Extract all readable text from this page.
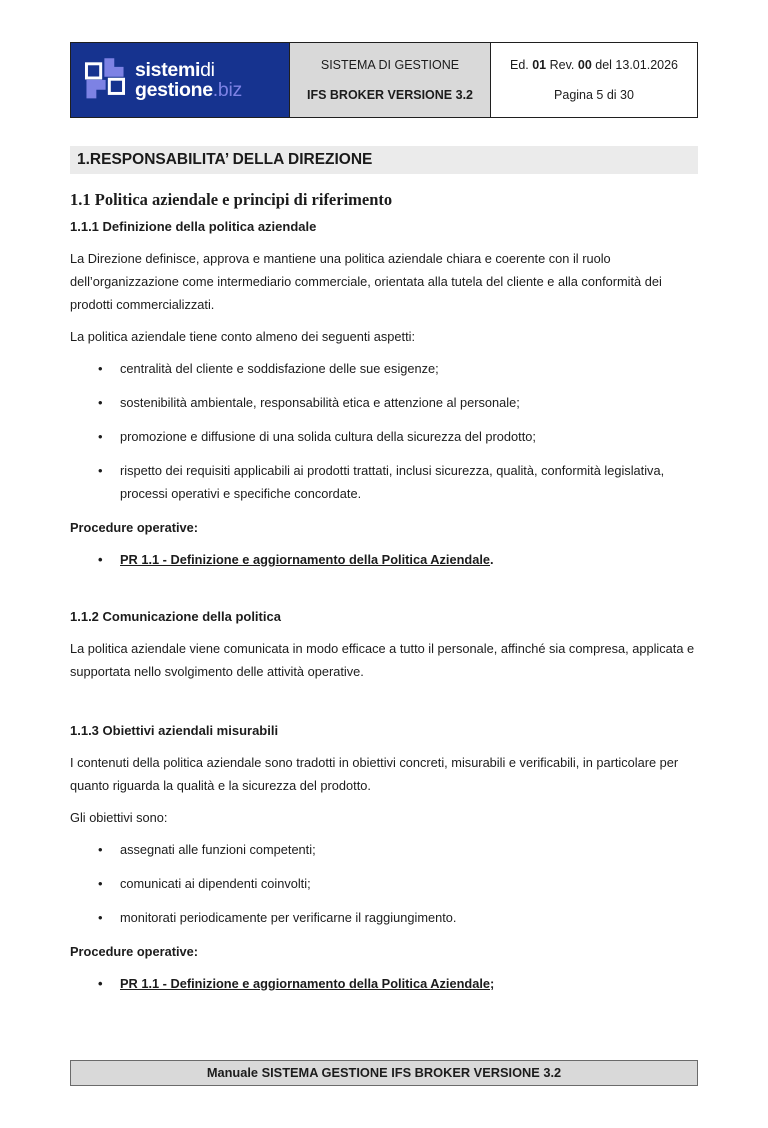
sistemidi
gestione.biz
SISTEMA DI GESTIONE
IFS BROKER VERSIONE 3.2
Ed. 01 Rev. 00 del 13.01.2026
Pagina 5 di 30
1.RESPONSABILITA’ DELLA DIREZIONE
1.1 Politica aziendale e principi di riferimento
1.1.1 Definizione della politica aziendale

La Direzione definisce, approva e mantiene una politica aziendale chiara e coerente con il ruolo dell’organizzazione come intermediario commerciale, orientata alla tutela del cliente e alla conformità dei prodotti commercializzati.

La politica aziendale tiene conto almeno dei seguenti aspetti:

• centralità del cliente e soddisfazione delle sue esigenze;
• sostenibilità ambientale, responsabilità etica e attenzione al personale;
• promozione e diffusione di una solida cultura della sicurezza del prodotto;
• rispetto dei requisiti applicabili ai prodotti trattati, inclusi sicurezza, qualità, conformità legislativa, processi operativi e specifiche concordate.

Procedure operative:

• PR 1.1 - Definizione e aggiornamento della Politica Aziendale.
1.1.2 Comunicazione della politica

La politica aziendale viene comunicata in modo efficace a tutto il personale, affinché sia compresa, applicata e supportata nello svolgimento delle attività operative.

1.1.3 Obiettivi aziendali misurabili

I contenuti della politica aziendale sono tradotti in obiettivi concreti, misurabili e verificabili, in particolare per quanto riguarda la qualità e la sicurezza del prodotto.

Gli obiettivi sono:

• assegnati alle funzioni competenti;
• comunicati ai dipendenti coinvolti;
• monitorati periodicamente per verificarne il raggiungimento.

Procedure operative:

• PR 1.1 - Definizione e aggiornamento della Politica Aziendale;
Manuale SISTEMA GESTIONE IFS BROKER VERSIONE 3.2
